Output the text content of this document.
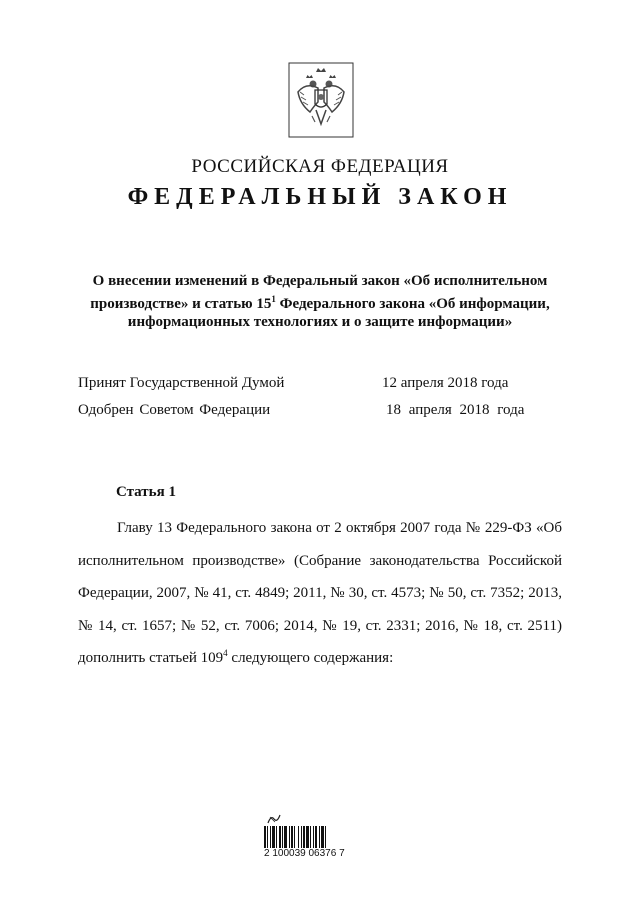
РОССИЙСКАЯ ФЕДЕРАЦИЯ
ФЕДЕРАЛЬНЫЙ ЗАКОН
О внесении изменений в Федеральный закон «Об исполнительном
производстве» и статью $15^1$ Федерального закона «Об информации,
информационных технологиях и о защите информации»
Принят Государственной Думой	12 апреля 2018 года
Одобрен Советом Федерации	18 апреля 2018 года
Статья 1
Главу 13 Федерального закона от 2 октября 2007 года № 229-ФЗ «Об исполнительном производстве» (Собрание законодательства Российской Федерации, 2007, № 41, ст. 4849; 2011, № 30, ст. 4573; № 50, ст. 7352; 2013, № 14, ст. 1657; № 52, ст. 7006; 2014, № 19, ст. 2331; 2016, № 18, ст. 2511) дополнить статьей $109^4$ следующего содержания:
2 100039 06376 7
